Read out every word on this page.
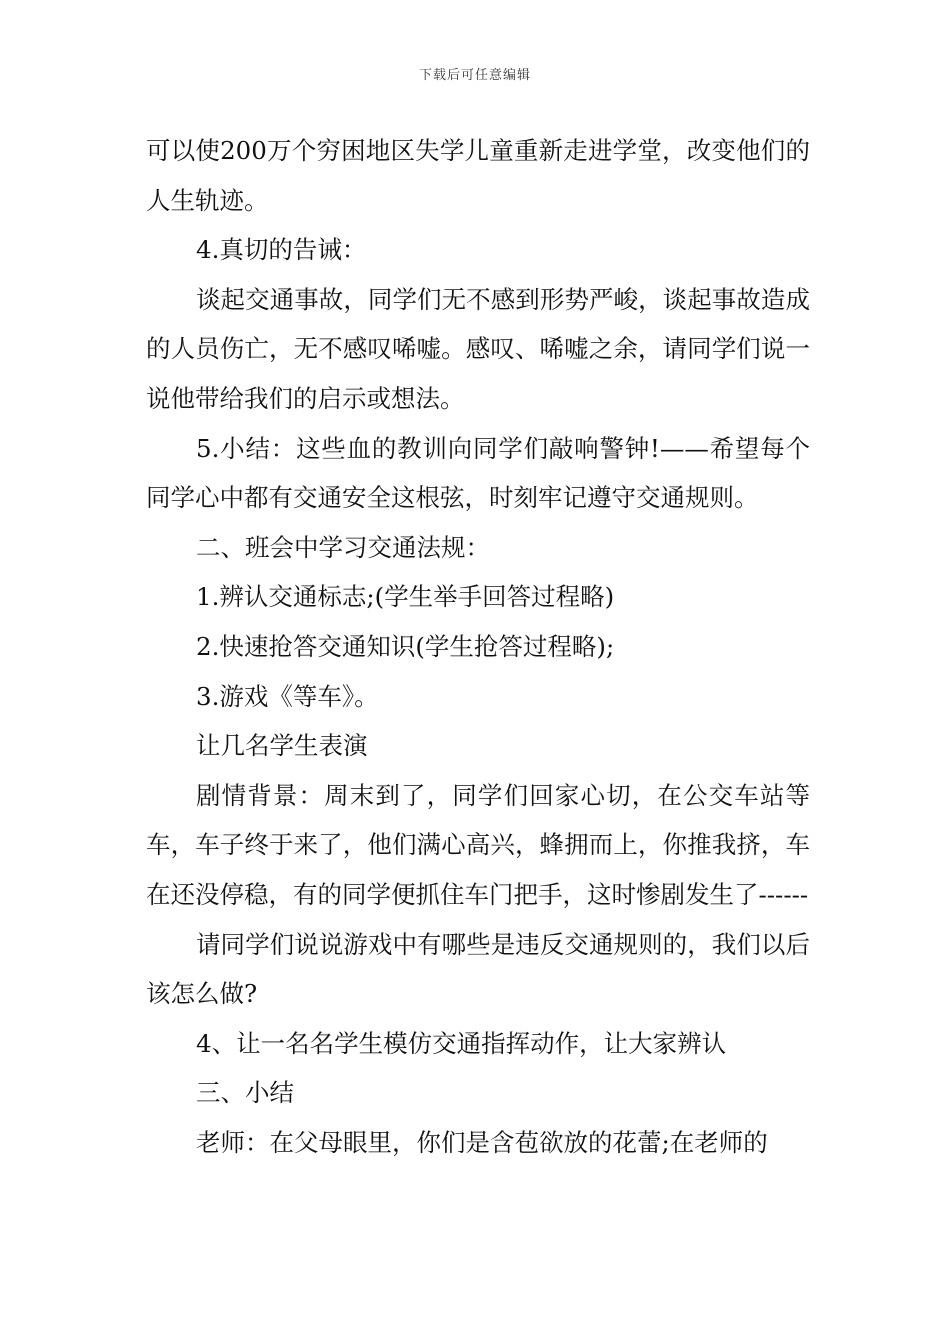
下载后可任意编辑

可以使200万个穷困地区失学儿童重新走进学堂，改变他们的人生轨迹。

4.真切的告诫：

谈起交通事故，同学们无不感到形势严峻，谈起事故造成的人员伤亡，无不感叹唏嘘。感叹、唏嘘之余，请同学们说一说他带给我们的启示或想法。

5.小结：这些血的教训向同学们敲响警钟!——希望每个同学心中都有交通安全这根弦，时刻牢记遵守交通规则。

二、班会中学习交通法规：

1.辨认交通标志;(学生举手回答过程略)

2.快速抢答交通知识(学生抢答过程略);

3.游戏《等车》。

让几名学生表演

剧情背景：周末到了，同学们回家心切，在公交车站等车，车子终于来了，他们满心高兴，蜂拥而上，你推我挤，车在还没停稳，有的同学便抓住车门把手，这时惨剧发生了------

请同学们说说游戏中有哪些是违反交通规则的，我们以后该怎么做?

4、让一名名学生模仿交通指挥动作，让大家辨认

三、小结

老师：在父母眼里，你们是含苞欲放的花蕾;在老师的
